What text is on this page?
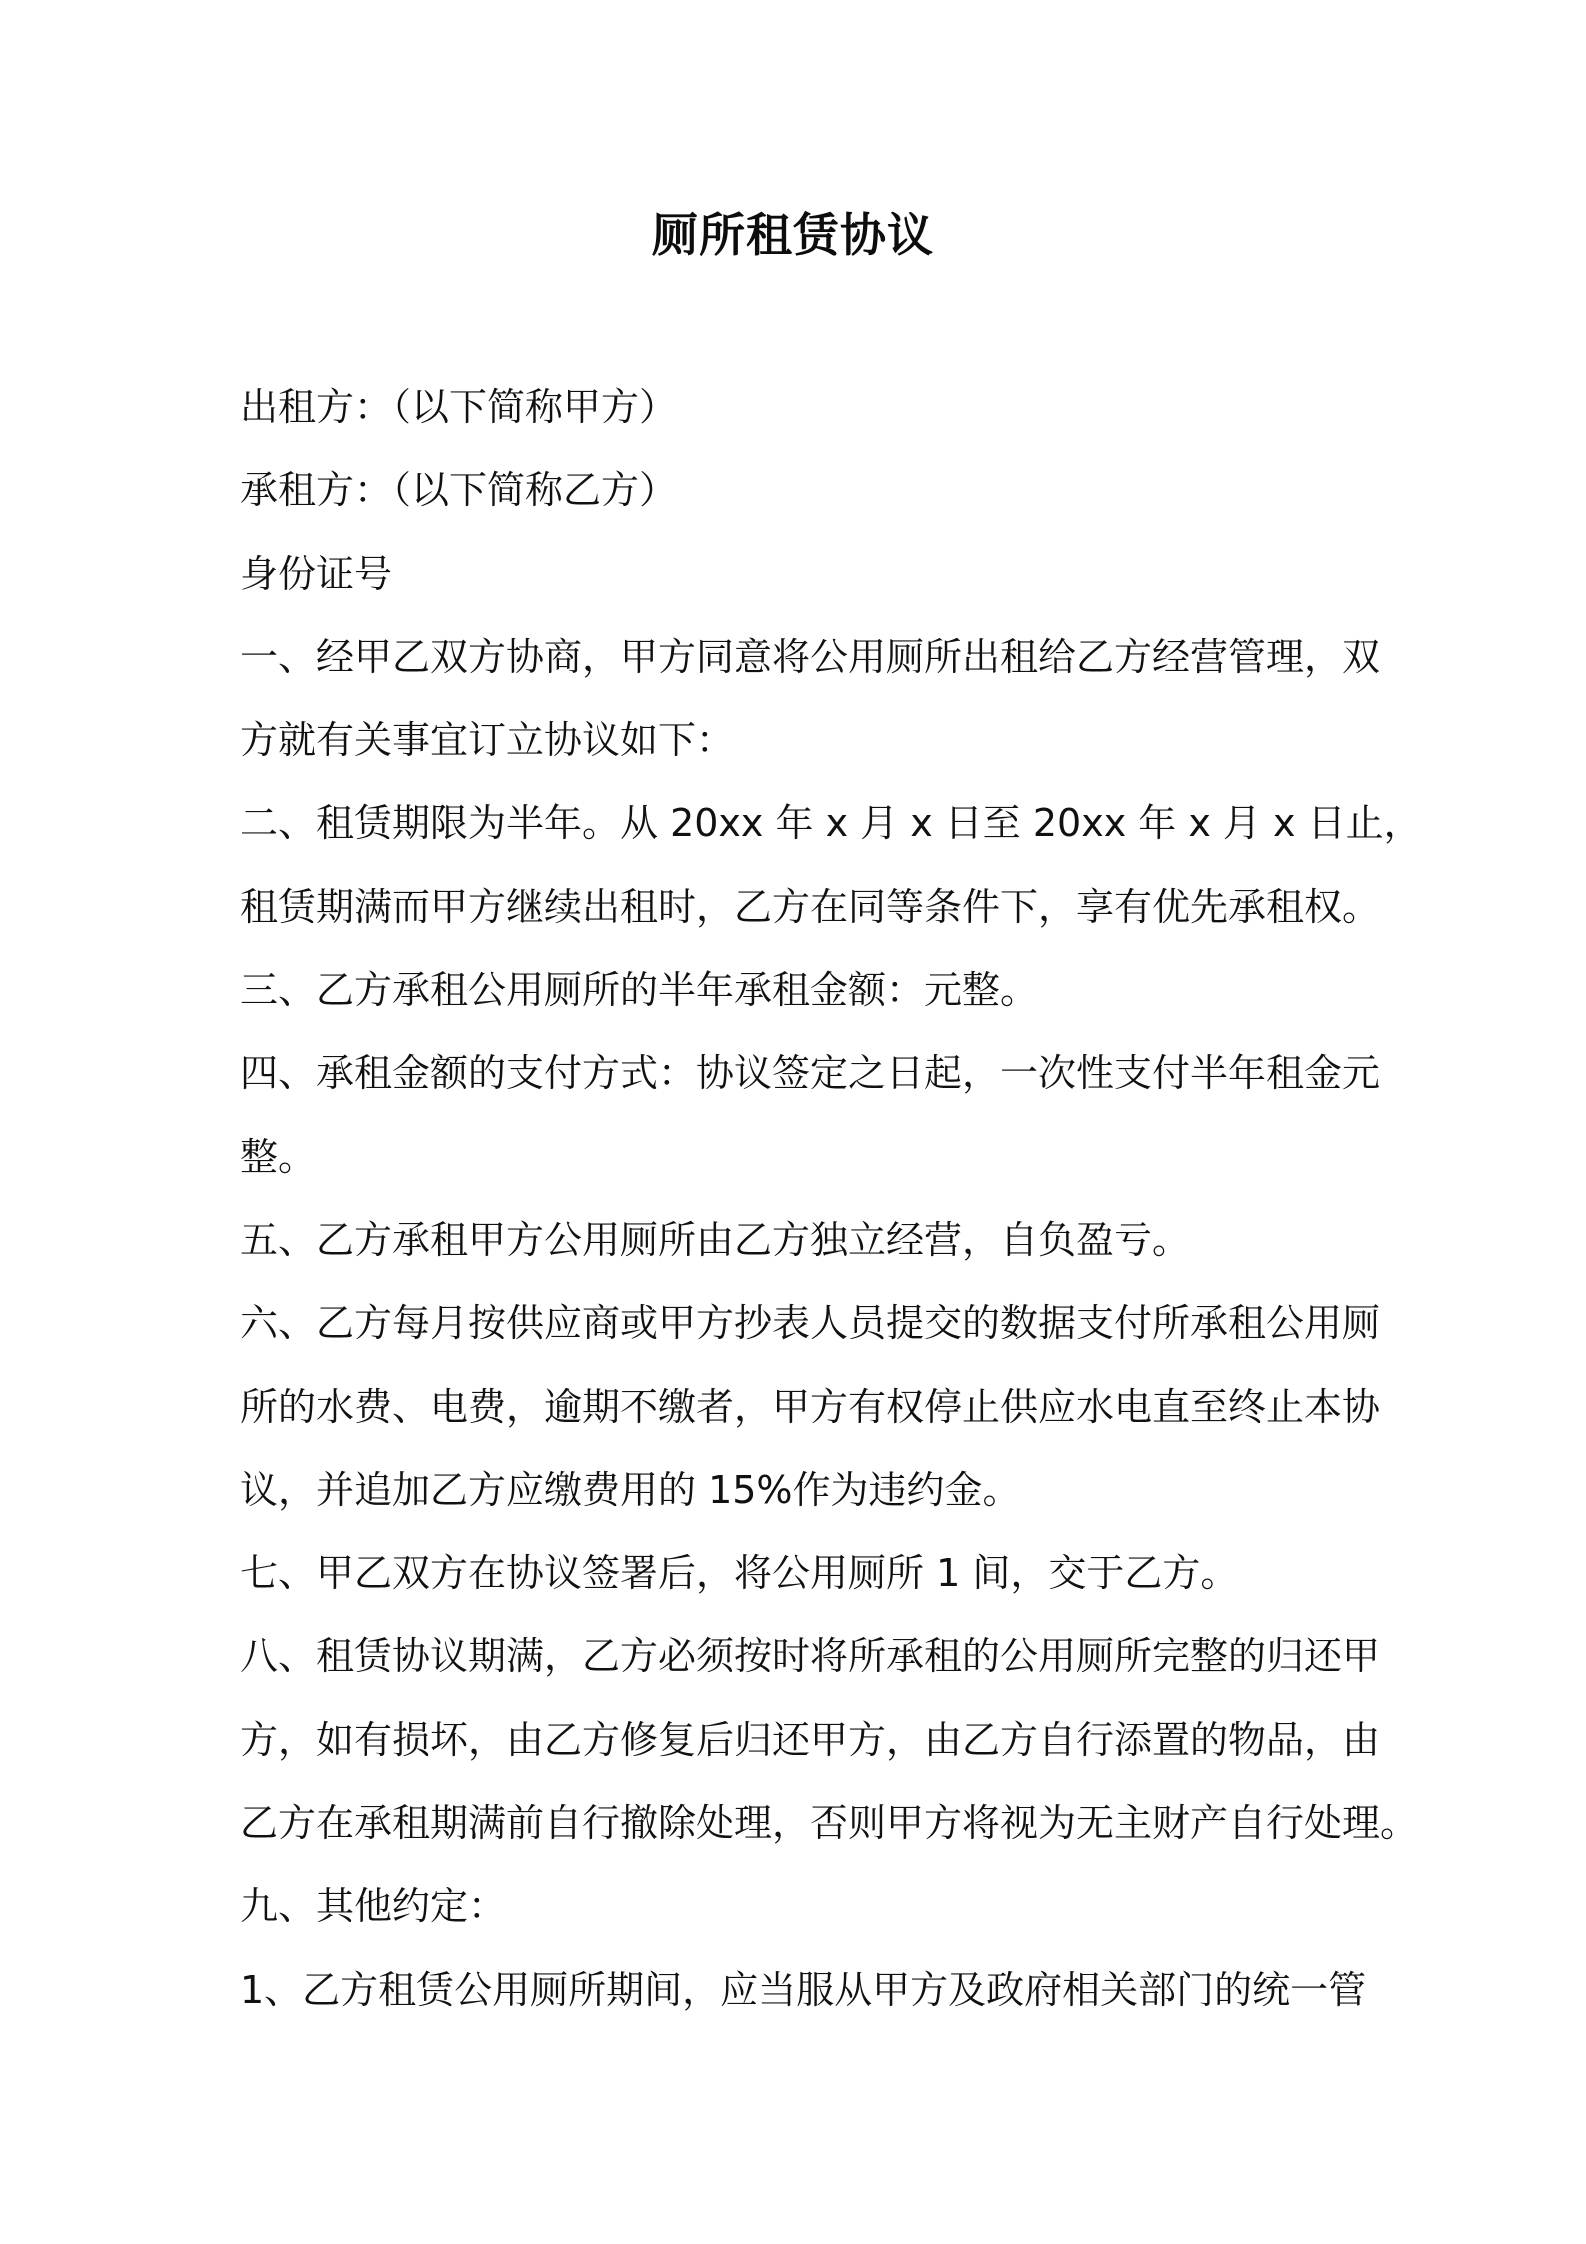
厕所租赁协议
出租方：（以下简称甲方）
承租方：（以下简称乙方）
身份证号
一、经甲乙双方协商，甲方同意将公用厕所出租给乙方经营管理，双
方就有关事宜订立协议如下：
二、租赁期限为半年。从 20xx 年 x 月 x 日至 20xx 年 x 月 x 日止，
租赁期满而甲方继续出租时，乙方在同等条件下，享有优先承租权。
三、乙方承租公用厕所的半年承租金额：元整。
四、承租金额的支付方式：协议签定之日起，一次性支付半年租金元
整。
五、乙方承租甲方公用厕所由乙方独立经营，自负盈亏。
六、乙方每月按供应商或甲方抄表人员提交的数据支付所承租公用厕
所的水费、电费，逾期不缴者，甲方有权停止供应水电直至终止本协
议，并追加乙方应缴费用的 15%作为违约金。
七、甲乙双方在协议签署后，将公用厕所 1 间，交于乙方。
八、租赁协议期满，乙方必须按时将所承租的公用厕所完整的归还甲
方，如有损坏，由乙方修复后归还甲方，由乙方自行添置的物品，由
乙方在承租期满前自行撤除处理，否则甲方将视为无主财产自行处理。
九、其他约定：
1、乙方租赁公用厕所期间，应当服从甲方及政府相关部门的统一管
